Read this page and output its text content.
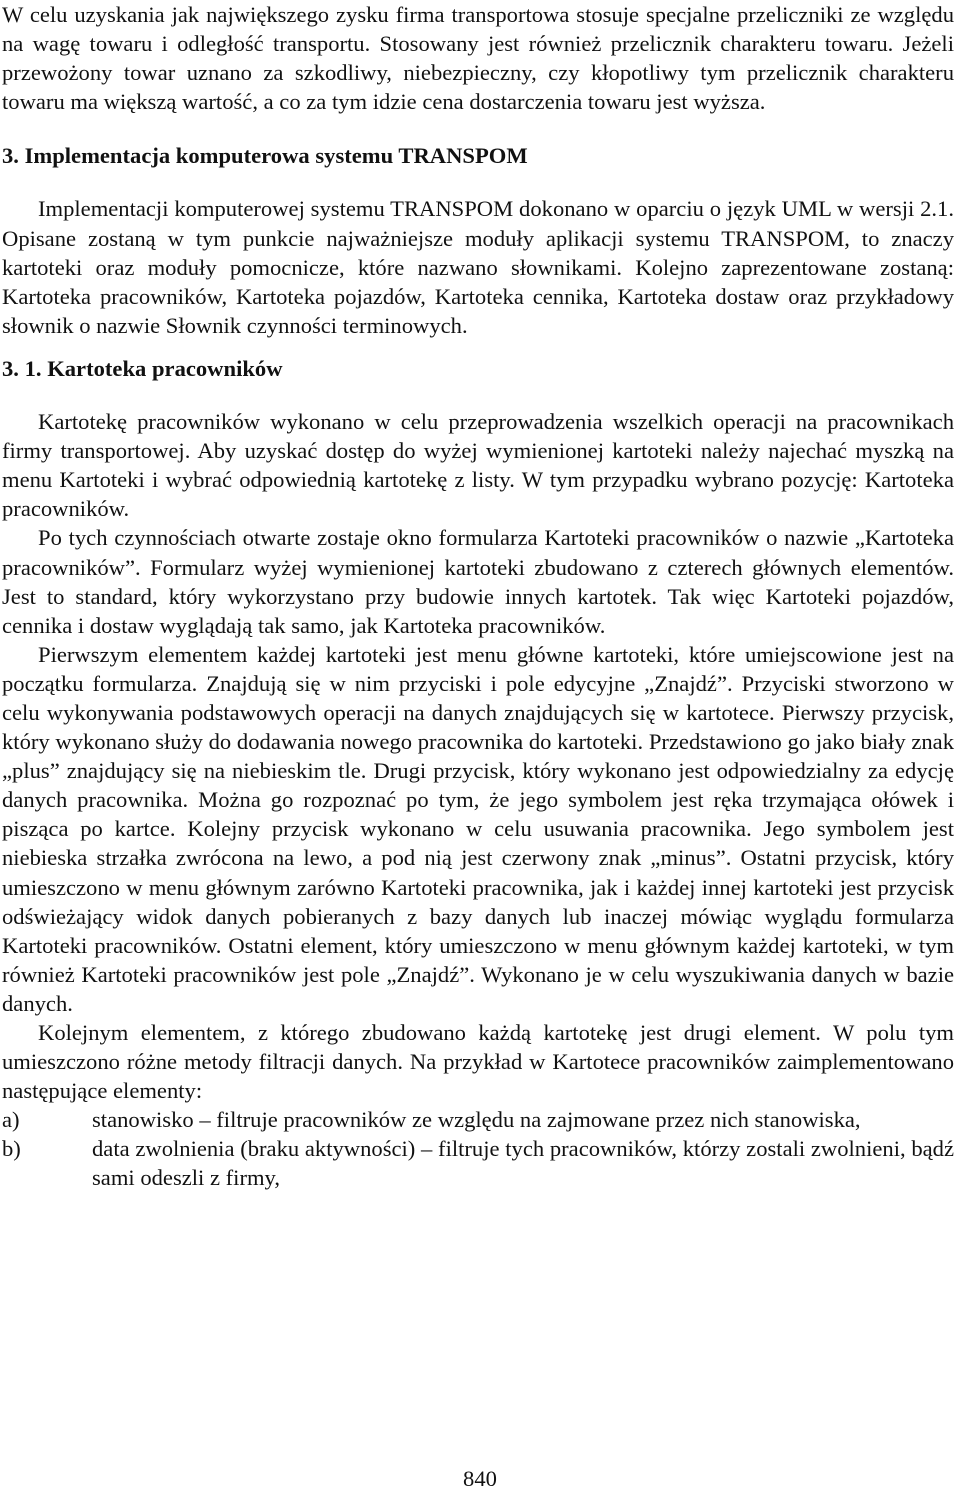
W celu uzyskania jak największego zysku firma transportowa stosuje specjalne przeliczniki ze względu na wagę towaru i odległość transportu. Stosowany jest również przelicznik charakteru towaru. Jeżeli przewożony towar uznano za szkodliwy, niebezpieczny, czy kłopotliwy tym przelicznik charakteru towaru ma większą wartość, a co za tym idzie cena dostarczenia towaru jest wyższa.

3. Implementacja komputerowa systemu TRANSPOM

Implementacji komputerowej systemu TRANSPOM dokonano w oparciu o język UML w wersji 2.1. Opisane zostaną w tym punkcie najważniejsze moduły aplikacji systemu TRANSPOM, to znaczy kartoteki oraz moduły pomocnicze, które nazwano słownikami. Kolejno zaprezentowane zostaną: Kartoteka pracowników, Kartoteka pojazdów, Kartoteka cennika, Kartoteka dostaw oraz przykładowy słownik o nazwie Słownik czynności terminowych.

3. 1. Kartoteka pracowników

Kartotekę pracowników wykonano w celu przeprowadzenia wszelkich operacji na pracownikach firmy transportowej. Aby uzyskać dostęp do wyżej wymienionej kartoteki należy najechać myszką na menu Kartoteki i wybrać odpowiednią kartotekę z listy. W tym przypadku wybrano pozycję: Kartoteka pracowników.

Po tych czynnościach otwarte zostaje okno formularza Kartoteki pracowników o nazwie „Kartoteka pracowników”. Formularz wyżej wymienionej kartoteki zbudowano z czterech głównych elementów. Jest to standard, który wykorzystano przy budowie innych kartotek. Tak więc Kartoteki pojazdów, cennika i dostaw wyglądają tak samo, jak Kartoteka pracowników.

Pierwszym elementem każdej kartoteki jest menu główne kartoteki, które umiejscowione jest na początku formularza. Znajdują się w nim przyciski i pole edycyjne „Znajdź”. Przyciski stworzono w celu wykonywania podstawowych operacji na danych znajdujących się w kartotece. Pierwszy przycisk, który wykonano służy do dodawania nowego pracownika do kartoteki. Przedstawiono go jako biały znak „plus” znajdujący się na niebieskim tle. Drugi przycisk, który wykonano jest odpowiedzialny za edycję danych pracownika. Można go rozpoznać po tym, że jego symbolem jest ręka trzymająca ołówek i pisząca po kartce. Kolejny przycisk wykonano w celu usuwania pracownika. Jego symbolem jest niebieska strzałka zwrócona na lewo, a pod nią jest czerwony znak „minus”. Ostatni przycisk, który umieszczono w menu głównym zarówno Kartoteki pracownika, jak i każdej innej kartoteki jest przycisk odświeżający widok danych pobieranych z bazy danych lub inaczej mówiąc wyglądu formularza Kartoteki pracowników. Ostatni element, który umieszczono w menu głównym każdej kartoteki, w tym również Kartoteki pracowników jest pole „Znajdź”. Wykonano je w celu wyszukiwania danych w bazie danych.

Kolejnym elementem, z którego zbudowano każdą kartotekę jest drugi element. W polu tym umieszczono różne metody filtracji danych. Na przykład w Kartotece pracowników zaimplementowano następujące elementy:

a)	stanowisko – filtruje pracowników ze względu na zajmowane przez nich stanowiska,
b)	data zwolnienia (braku aktywności) – filtruje tych pracowników, którzy zostali zwolnieni, bądź sami odeszli z firmy,
840
